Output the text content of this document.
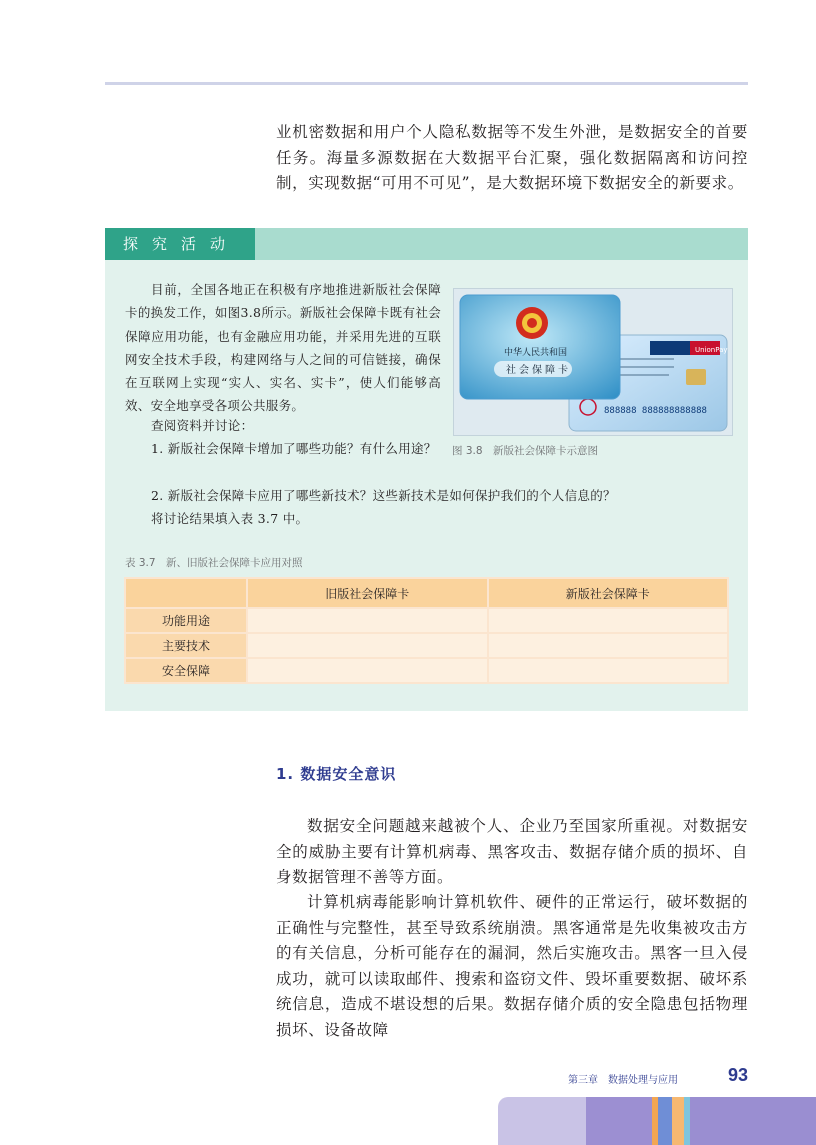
业机密数据和用户个人隐私数据等不发生外泄，是数据安全的首要任务。海量多源数据在大数据平台汇聚，强化数据隔离和访问控制，实现数据“可用不可见”，是大数据环境下数据安全的新要求。

探究活动

目前，全国各地正在积极有序地推进新版社会保障卡的换发工作，如图3.8所示。新版社会保障卡既有社会保障应用功能，也有金融应用功能，并采用先进的互联网安全技术手段，构建网络与人之间的可信链接，确保在互联网上实现“实人、实名、实卡”，使人们能够高效、安全地享受各项公共服务。

查阅资料并讨论：

1. 新版社会保障卡增加了哪些功能？有什么用途？

2. 新版社会保障卡应用了哪些新技术？这些新技术是如何保护我们的个人信息的？

将讨论结果填入表 3.7 中。

UnionPay
888888 888888888888
中华人民共和国
社会保障卡
图 3.8　新版社会保障卡示意图
表 3.7　新、旧版社会保障卡应用对照
	旧版社会保障卡	新版社会保障卡
功能用途		
主要技术		
安全保障		
1. 数据安全意识

数据安全问题越来越被个人、企业乃至国家所重视。对数据安全的威胁主要有计算机病毒、黑客攻击、数据存储介质的损坏、自身数据管理不善等方面。

计算机病毒能影响计算机软件、硬件的正常运行，破坏数据的正确性与完整性，甚至导致系统崩溃。黑客通常是先收集被攻击方的有关信息，分析可能存在的漏洞，然后实施攻击。黑客一旦入侵成功，就可以读取邮件、搜索和盗窃文件、毁坏重要数据、破坏系统信息，造成不堪设想的后果。数据存储介质的安全隐患包括物理损坏、设备故障

第三章　数据处理与应用	93
